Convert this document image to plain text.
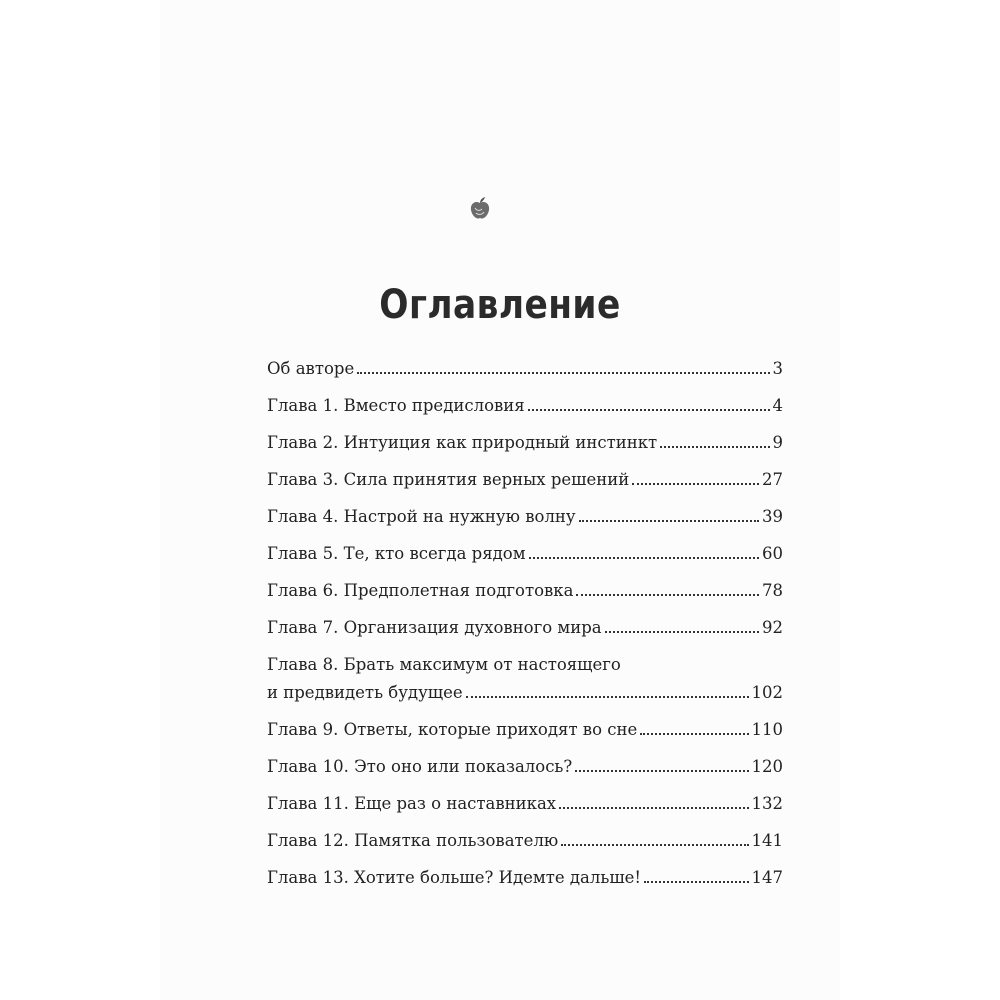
Оглавление
Об авторе	3
Глава 1. Вместо предисловия	4
Глава 2. Интуиция как природный инстинкт	9
Глава 3. Сила принятия верных решений	27
Глава 4. Настрой на нужную волну	39
Глава 5. Те, кто всегда рядом	60
Глава 6. Предполетная подготовка	78
Глава 7. Организация духовного мира	92
Глава 8. Брать максимум от настоящего
и предвидеть будущее	102
Глава 9. Ответы, которые приходят во сне	110
Глава 10. Это оно или показалось?	120
Глава 11. Еще раз о наставниках	132
Глава 12. Памятка пользователю	141
Глава 13. Хотите больше? Идемте дальше!	147
